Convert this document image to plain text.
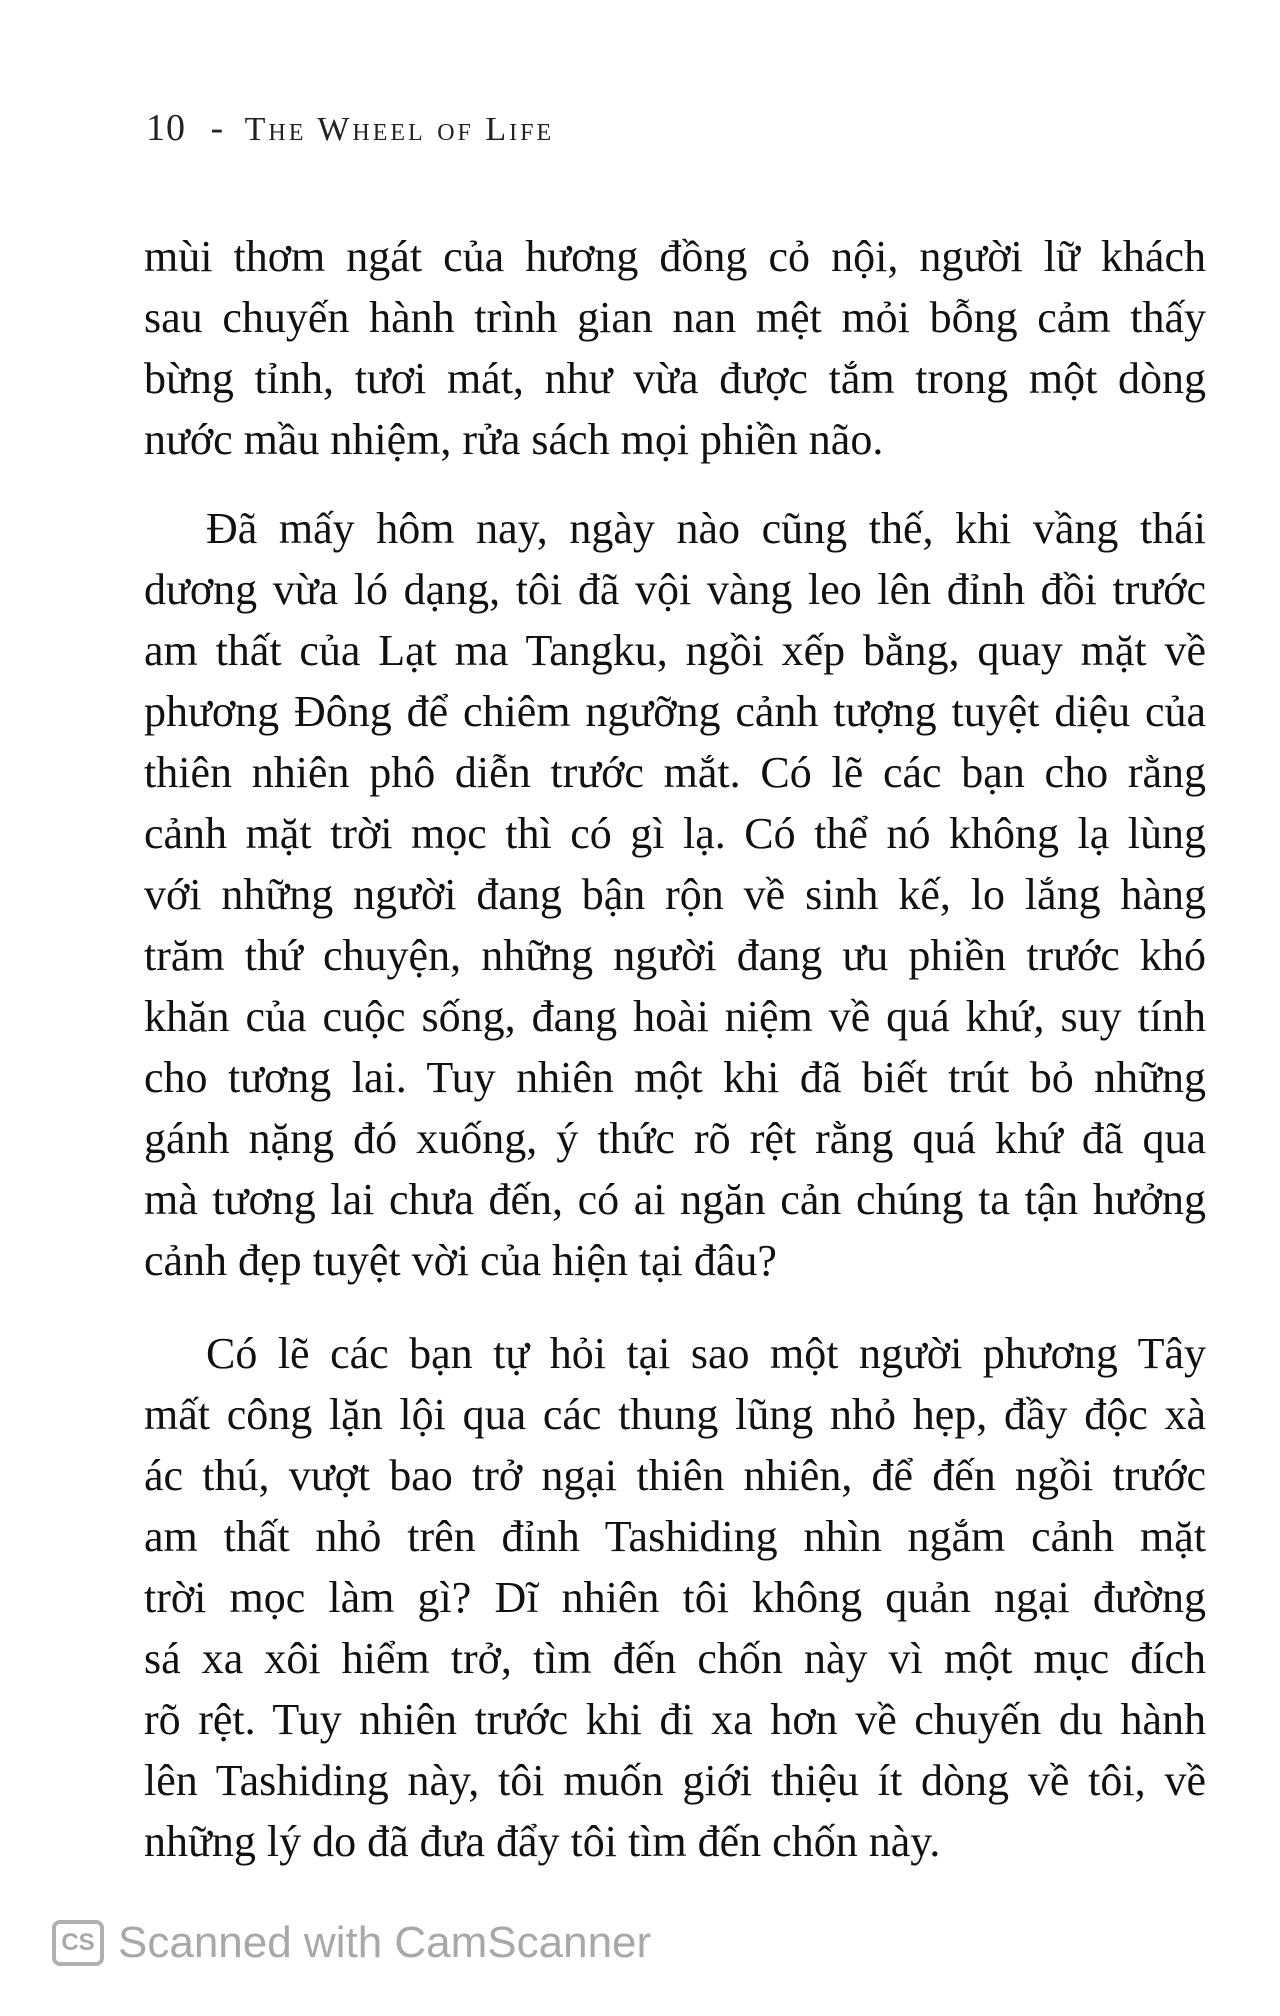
10 - The Wheel of Life
mùi thơm ngát của hương đồng cỏ nội, người lữ khách
sau chuyến hành trình gian nan mệt mỏi bỗng cảm thấy
bừng tỉnh, tươi mát, như vừa được tắm trong một dòng
nước mầu nhiệm, rửa sách mọi phiền não.
Đã mấy hôm nay, ngày nào cũng thế, khi vầng thái
dương vừa ló dạng, tôi đã vội vàng leo lên đỉnh đồi trước
am thất của Lạt ma Tangku, ngồi xếp bằng, quay mặt về
phương Đông để chiêm ngưỡng cảnh tượng tuyệt diệu của
thiên nhiên phô diễn trước mắt. Có lẽ các bạn cho rằng
cảnh mặt trời mọc thì có gì lạ. Có thể nó không lạ lùng
với những người đang bận rộn về sinh kế, lo lắng hàng
trăm thứ chuyện, những người đang ưu phiền trước khó
khăn của cuộc sống, đang hoài niệm về quá khứ, suy tính
cho tương lai. Tuy nhiên một khi đã biết trút bỏ những
gánh nặng đó xuống, ý thức rõ rệt rằng quá khứ đã qua
mà tương lai chưa đến, có ai ngăn cản chúng ta tận hưởng
cảnh đẹp tuyệt vời của hiện tại đâu?
Có lẽ các bạn tự hỏi tại sao một người phương Tây
mất công lặn lội qua các thung lũng nhỏ hẹp, đầy độc xà
ác thú, vượt bao trở ngại thiên nhiên, để đến ngồi trước
am thất nhỏ trên đỉnh Tashiding nhìn ngắm cảnh mặt
trời mọc làm gì? Dĩ nhiên tôi không quản ngại đường
sá xa xôi hiểm trở, tìm đến chốn này vì một mục đích
rõ rệt. Tuy nhiên trước khi đi xa hơn về chuyến du hành
lên Tashiding này, tôi muốn giới thiệu ít dòng về tôi, về
những lý do đã đưa đẩy tôi tìm đến chốn này.
CS Scanned with CamScanner
